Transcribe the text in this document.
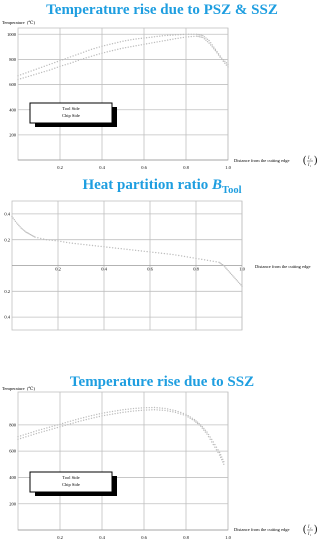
Temperature rise due to PSZ & SSZ
0.2	0.4	0.6	0.8	1.0
200
400
600
800
1000
Temperature  (℃)
Distance from the cutting edge ( l c
l t )
Tool Side
Chip Side
Heat partition ratio $B_{Tool}$
0.2	0.4	0.6	0.8	1.0
0.4
0.2
0.2
0.4
Distance from the cutting edge
Temperature rise due to SSZ
0.2	0.4	0.6	0.8	1.0
200
400
600
800
Temperature  (℃)
Distance from the cutting edge ( l c
l t )
Tool Side
Chip Side
